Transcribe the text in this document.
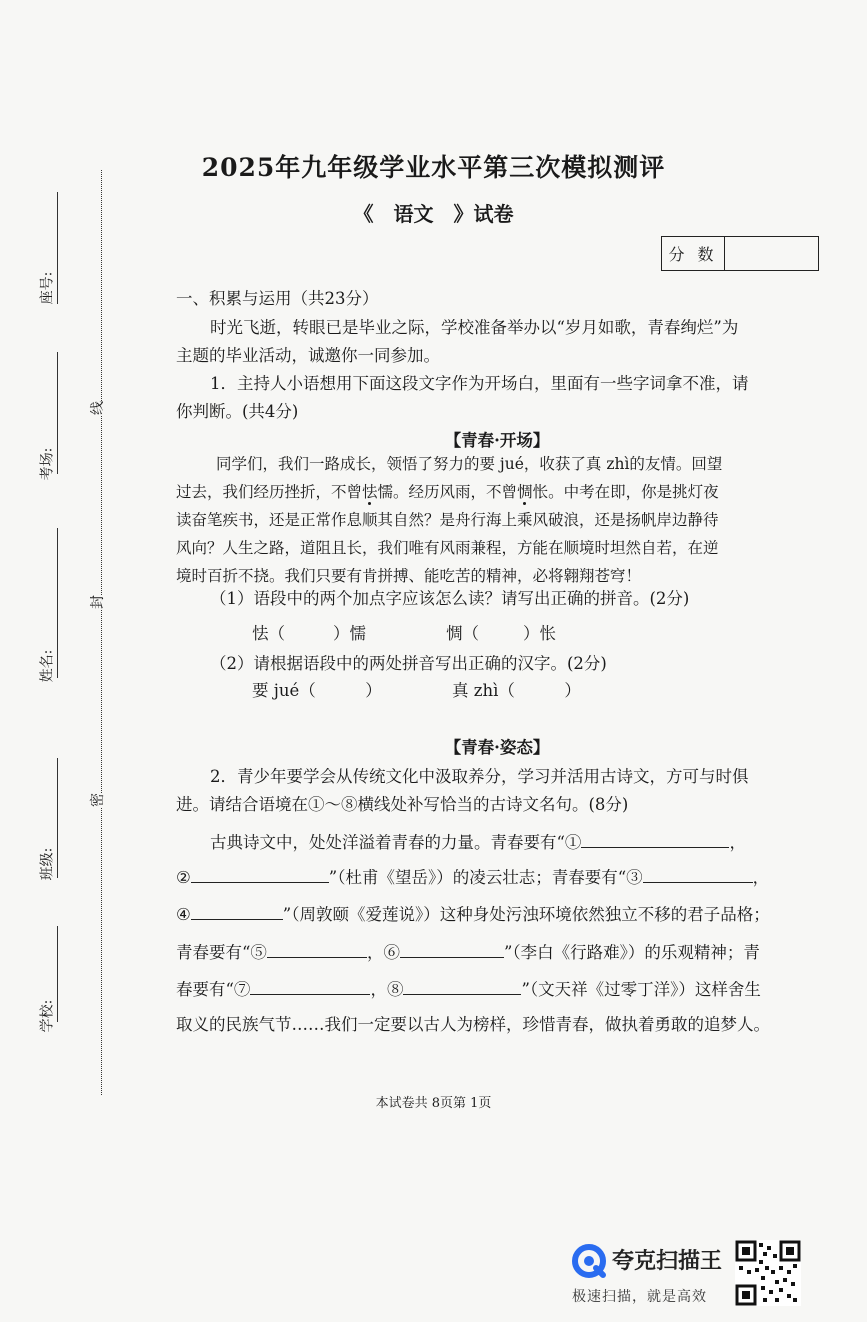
座号:
考场:
姓名:
班级:
学校:
线
封
密
2025年九年级学业水平第三次模拟测评
《　语文　》试卷
分 数
一、积累与运用（共23分）
时光飞逝，转眼已是毕业之际，学校准备举办以“岁月如歌，青春绚烂”为
主题的毕业活动，诚邀你一同参加。
1．主持人小语想用下面这段文字作为开场白，里面有一些字词拿不准，请
你判断。(共4分)
【青春·开场】
同学们，我们一路成长，领悟了努力的要 jué，收获了真 zhì的友情。回望
过去，我们经历挫折，不曾怯懦。经历风雨，不曾惆怅。中考在即，你是挑灯夜
读奋笔疾书，还是正常作息顺其自然？是舟行海上乘风破浪，还是扬帆岸边静待
风向？人生之路，道阻且长，我们唯有风雨兼程，方能在顺境时坦然自若，在逆
境时百折不挠。我们只要有肯拼搏、能吃苦的精神，必将翱翔苍穹！
（1）语段中的两个加点字应该怎么读？请写出正确的拼音。(2分)
怯（	）懦	惆（	）怅
（2）请根据语段中的两处拼音写出正确的汉字。(2分)
要 jué（　　　）	真 zhì（　　　）
【青春·姿态】
2．青少年要学会从传统文化中汲取养分，学习并活用古诗文，方可与时俱
进。请结合语境在①～⑧横线处补写恰当的古诗文名句。(8分)
古典诗文中，处处洋溢着青春的力量。青春要有“①	，
②	”（杜甫《望岳》）的凌云壮志；青春要有“③	，
④	”（周敦颐《爱莲说》）这种身处污浊环境依然独立不移的君子品格；
青春要有“⑤	，⑥	”（李白《行路难》）的乐观精神；青
春要有“⑦	，⑧	”（文天祥《过零丁洋》）这样舍生
取义的民族气节……我们一定要以古人为榜样，珍惜青春，做执着勇敢的追梦人。
本试卷共 8页第 1页
夸克扫描王
极速扫描，就是高效
